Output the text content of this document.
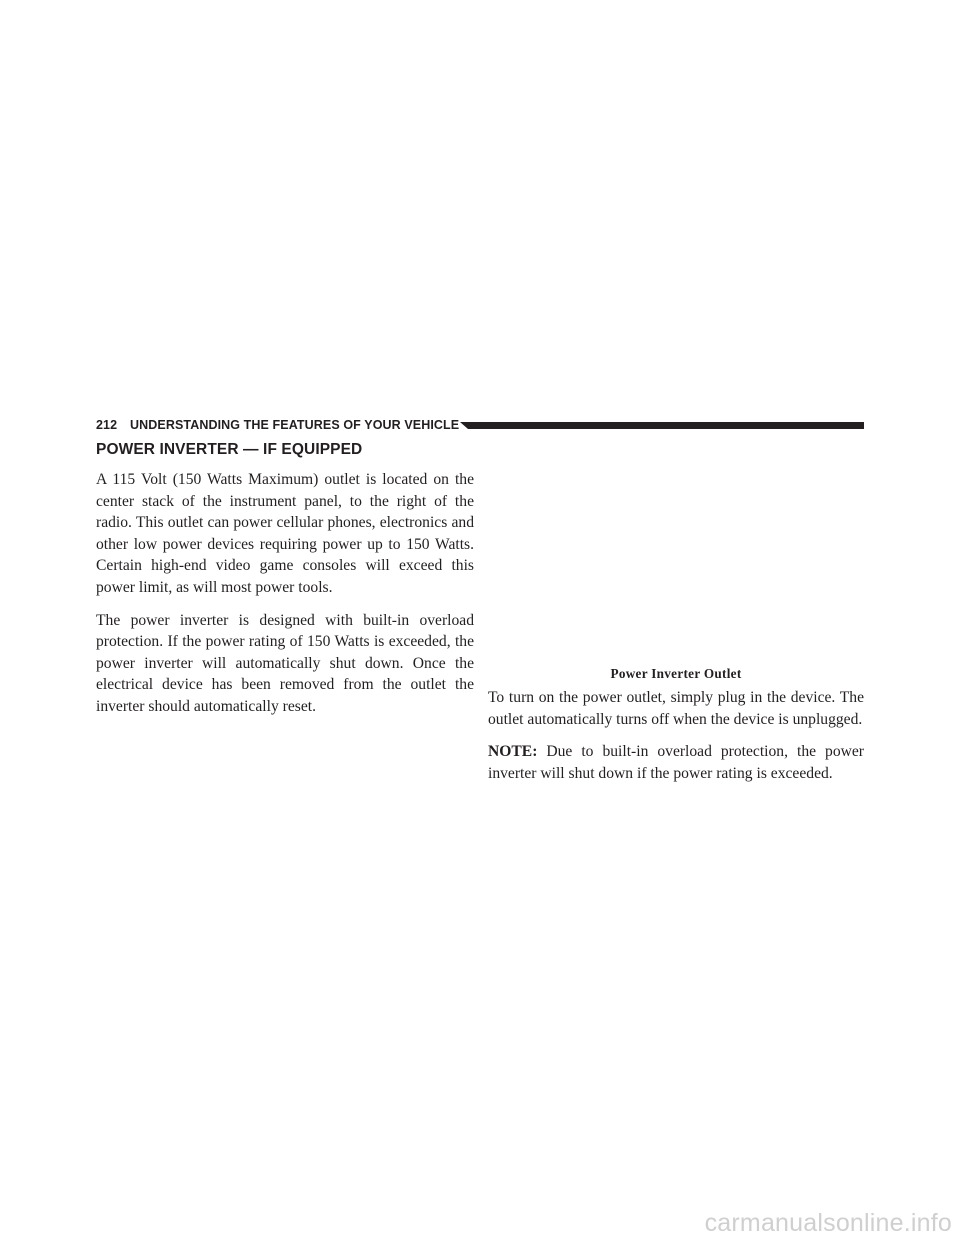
212 UNDERSTANDING THE FEATURES OF YOUR VEHICLE
POWER INVERTER — IF EQUIPPED

A 115 Volt (150 Watts Maximum) outlet is located on the center stack of the instrument panel, to the right of the radio. This outlet can power cellular phones, electronics and other low power devices requiring power up to 150 Watts. Certain high-end video game consoles will exceed this power limit, as will most power tools.

The power inverter is designed with built-in overload protection. If the power rating of 150 Watts is exceeded, the power inverter will automatically shut down. Once the electrical device has been removed from the outlet the inverter should automatically reset.

Power Inverter Outlet

To turn on the power outlet, simply plug in the device. The outlet automatically turns off when the device is unplugged.

NOTE: Due to built-in overload protection, the power inverter will shut down if the power rating is exceeded.

carmanualsonline.info
